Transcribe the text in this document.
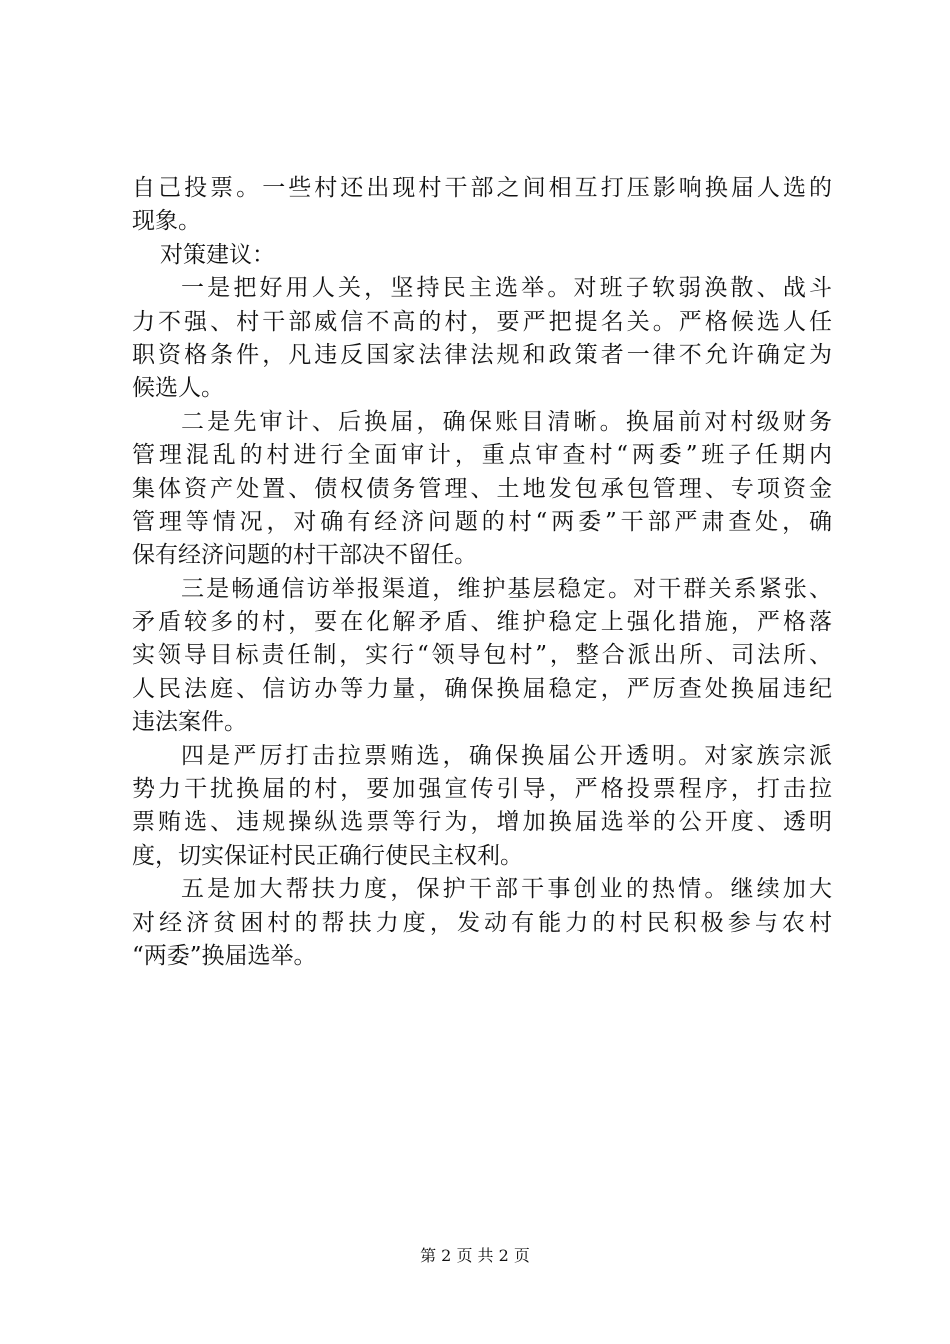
自己投票。一些村还出现村干部之间相互打压影响换届人选的
现象。
对策建议：
一是把好用人关，坚持民主选举。对班子软弱涣散、战斗
力不强、村干部威信不高的村，要严把提名关。严格候选人任
职资格条件，凡违反国家法律法规和政策者一律不允许确定为
候选人。
二是先审计、后换届，确保账目清晰。换届前对村级财务
管理混乱的村进行全面审计，重点审查村“两委”班子任期内
集体资产处置、债权债务管理、土地发包承包管理、专项资金
管理等情况，对确有经济问题的村“两委”干部严肃查处，确
保有经济问题的村干部决不留任。
三是畅通信访举报渠道，维护基层稳定。对干群关系紧张、
矛盾较多的村，要在化解矛盾、维护稳定上强化措施，严格落
实领导目标责任制，实行“领导包村”，整合派出所、司法所、
人民法庭、信访办等力量，确保换届稳定，严厉查处换届违纪
违法案件。
四是严厉打击拉票贿选，确保换届公开透明。对家族宗派
势力干扰换届的村，要加强宣传引导，严格投票程序，打击拉
票贿选、违规操纵选票等行为，增加换届选举的公开度、透明
度，切实保证村民正确行使民主权利。
五是加大帮扶力度，保护干部干事创业的热情。继续加大
对经济贫困村的帮扶力度，发动有能力的村民积极参与农村
“两委”换届选举。
第 2 页 共 2 页
